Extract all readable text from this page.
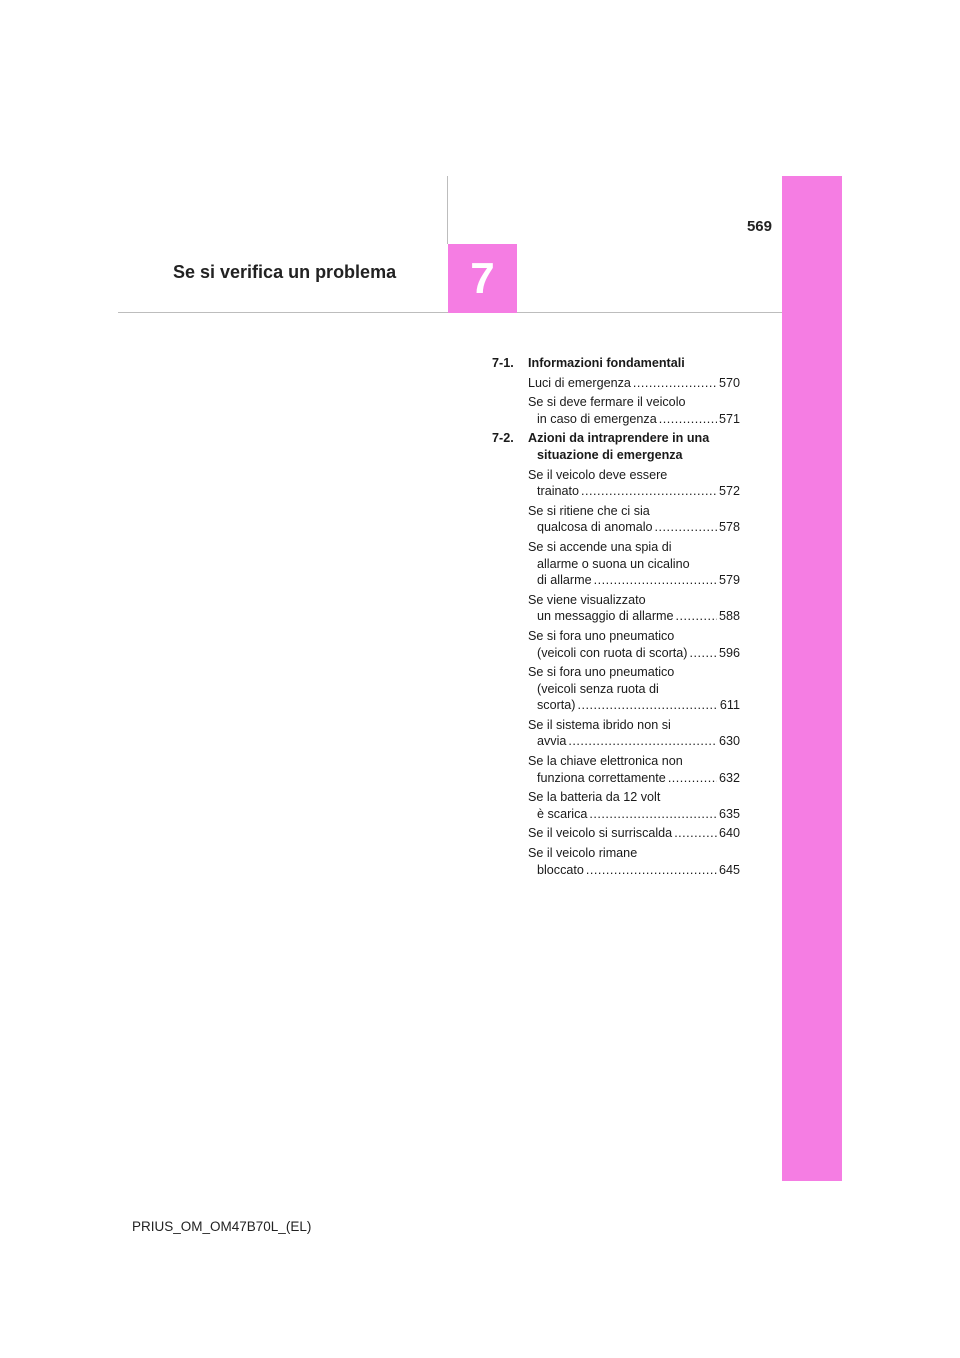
569
Se si verifica un problema	7
7-1.	Informazioni fondamentali
Luci di emergenza .....	570
Se si deve fermare il veicolo
in caso di emergenza .....	571
7-2.	Azioni da intraprendere in una
situazione di emergenza
Se il veicolo deve essere
trainato .....	572
Se si ritiene che ci sia
qualcosa di anomalo .....	578
Se si accende una spia di
allarme o suona un cicalino
di allarme .....	579
Se viene visualizzato
un messaggio di allarme .....	588
Se si fora uno pneumatico
(veicoli con ruota di scorta) ..... 596
Se si fora uno pneumatico
(veicoli senza ruota di
scorta) .....	611
Se il sistema ibrido non si
avvia .....	630
Se la chiave elettronica non
funziona correttamente .....	632
Se la batteria da 12 volt
è scarica .....	635
Se il veicolo si surriscalda .....	640
Se il veicolo rimane
bloccato .....	645
PRIUS_OM_OM47B70L_(EL)
